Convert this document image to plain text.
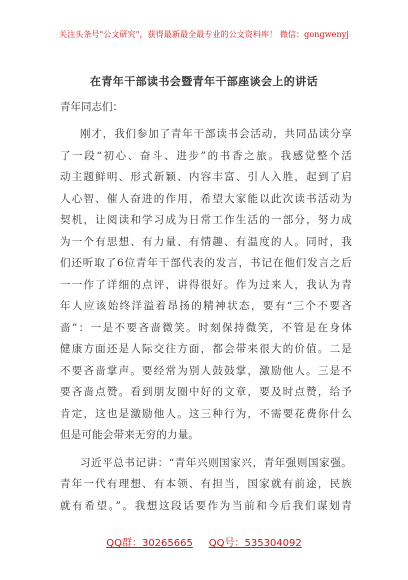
关注头条号"公文研究"，获得最新最全最专业的公文资料库！ 微信：gongwenyj
在青年干部读书会暨青年干部座谈会上的讲话
青年同志们：
刚才，我们参加了青年干部读书会活动，共同品读分享
了一段“初心、奋斗、进步”的书香之旅。我感觉整个活
动主题鲜明、形式新颖、内容丰富、引人入胜，起到了启
人心智、催人奋进的作用，希望大家能以此次读书活动为
契机，让阅读和学习成为日常工作生活的一部分，努力成
为一个有思想、有力量、有情趣、有温度的人。同时，我
们还听取了6位青年干部代表的发言，书记在他们发言之后
一一作了详细的点评，讲得很好。作为过来人，我认为青
年人应该始终洋溢着昂扬的精神状态，要有“三个不要吝
啬”：一是不要吝啬微笑。时刻保持微笑，不管是在身体
健康方面还是人际交往方面，都会带来很大的价值。二是
不要吝啬掌声。要经常为别人鼓鼓掌，激励他人。三是不
要吝啬点赞。看到朋友圈中好的文章，要及时点赞，给予
肯定，这也是激励他人。这三种行为，不需要花费你什么
但是可能会带来无穷的力量。
习近平总书记讲：“青年兴则国家兴，青年强则国家强。
青年一代有理想、有本领、有担当，国家就有前途，民族
就有希望。”。我想这段话要作为当前和今后我们谋划青
QQ群：30265665 QQ号：535304092
